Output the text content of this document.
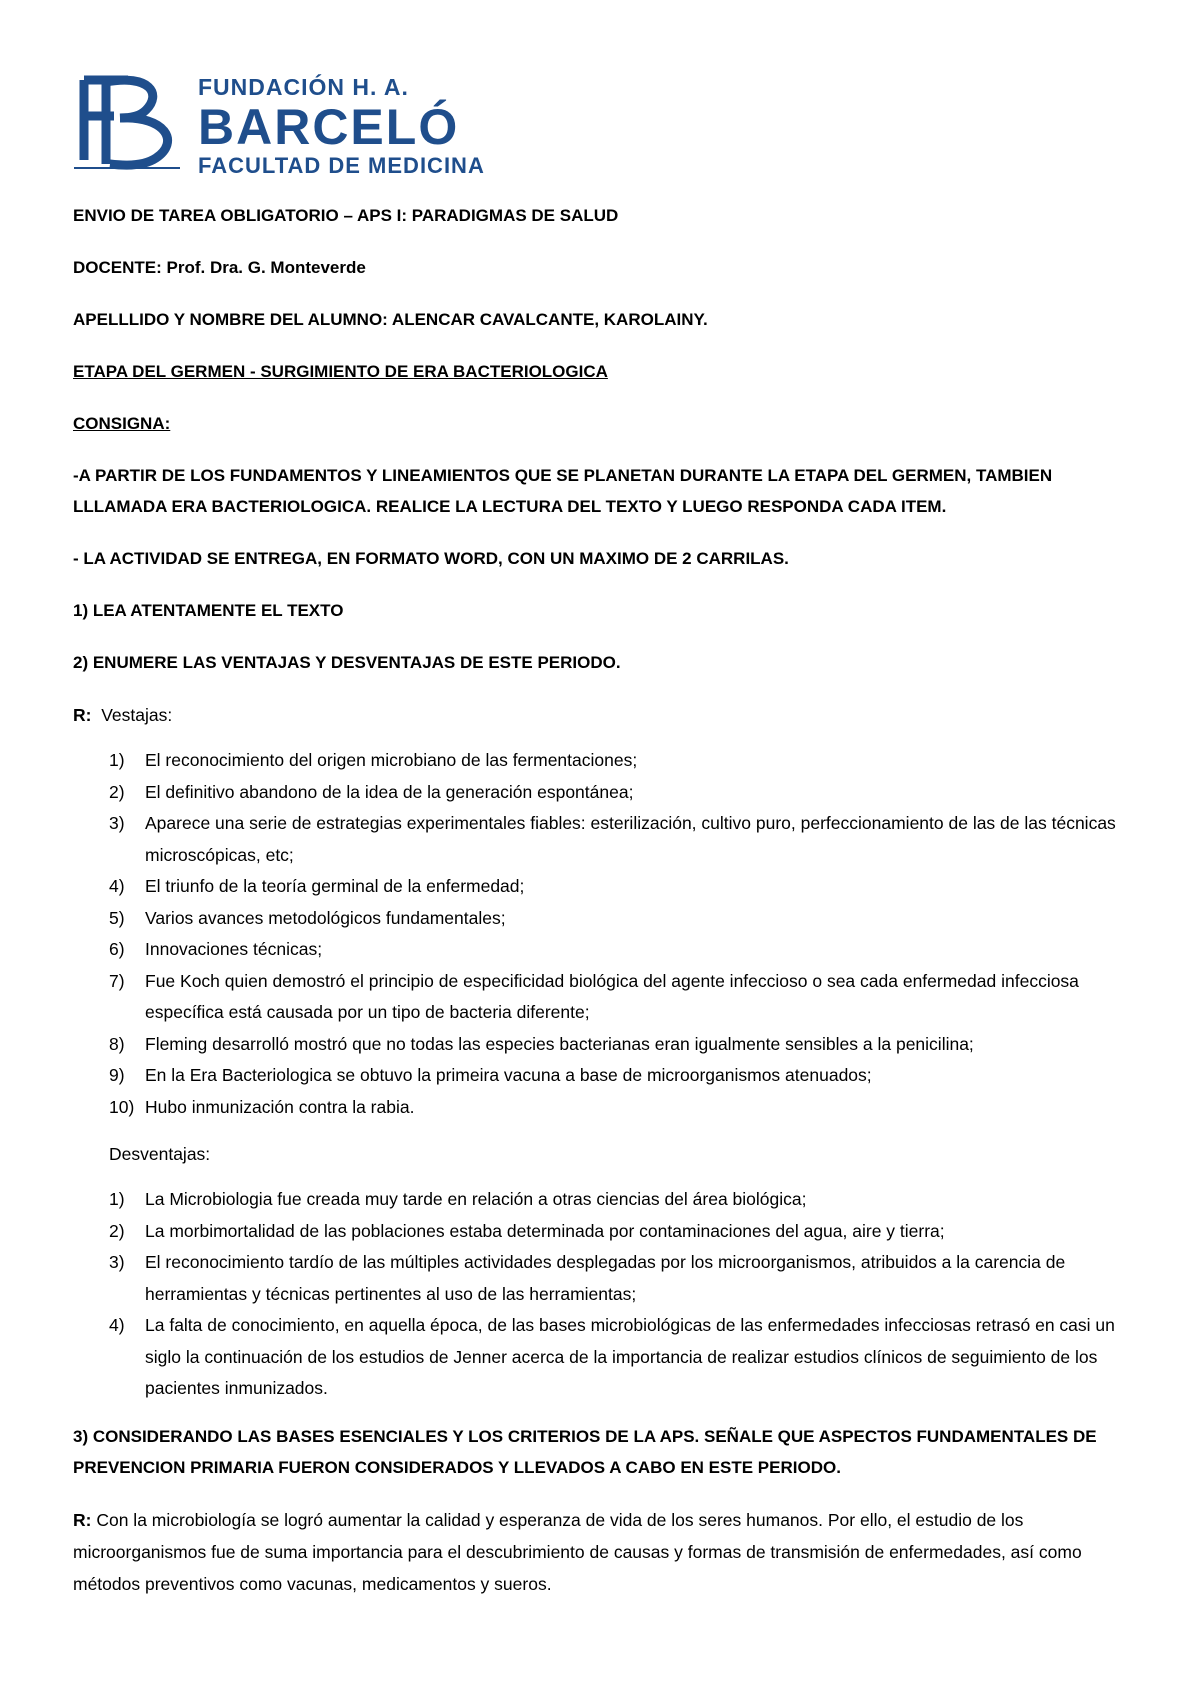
FUNDACIÓN H. A.
BARCELÓ
FACULTAD DE MEDICINA

ENVIO DE TAREA OBLIGATORIO – APS I: PARADIGMAS DE SALUD

DOCENTE: Prof. Dra. G. Monteverde

APELLLIDO Y NOMBRE DEL ALUMNO: ALENCAR CAVALCANTE, KAROLAINY.

ETAPA DEL GERMEN - SURGIMIENTO DE ERA BACTERIOLOGICA

CONSIGNA:

-A PARTIR DE LOS FUNDAMENTOS Y LINEAMIENTOS QUE SE PLANETAN DURANTE LA ETAPA DEL GERMEN, TAMBIEN LLLAMADA ERA BACTERIOLOGICA. REALICE LA LECTURA DEL TEXTO Y LUEGO RESPONDA CADA ITEM.

- LA ACTIVIDAD SE ENTREGA, EN FORMATO WORD, CON UN MAXIMO DE 2 CARRILAS.

1) LEA ATENTAMENTE EL TEXTO

2) ENUMERE LAS VENTAJAS Y DESVENTAJAS DE ESTE PERIODO.

R: Vestajas:

1) El reconocimiento del origen microbiano de las fermentaciones;
2) El definitivo abandono de la idea de la generación espontánea;
3) Aparece una serie de estrategias experimentales fiables: esterilización, cultivo puro, perfeccionamiento de las de las técnicas microscópicas, etc;
4) El triunfo de la teoría germinal de la enfermedad;
5) Varios avances metodológicos fundamentales;
6) Innovaciones técnicas;
7) Fue Koch quien demostró el principio de especificidad biológica del agente infeccioso o sea cada enfermedad infecciosa específica está causada por un tipo de bacteria diferente;
8) Fleming desarrolló mostró que no todas las especies bacterianas eran igualmente sensibles a la penicilina;
9) En la Era Bacteriologica se obtuvo la primeira vacuna a base de microorganismos atenuados;
10) Hubo inmunización contra la rabia.

Desventajas:

1) La Microbiologia fue creada muy tarde en relación a otras ciencias del área biológica;
2) La morbimortalidad de las poblaciones estaba determinada por contaminaciones del agua, aire y tierra;
3) El reconocimiento tardío de las múltiples actividades desplegadas por los microorganismos, atribuidos a la carencia de herramientas y técnicas pertinentes al uso de las herramientas;
4) La falta de conocimiento, en aquella época, de las bases microbiológicas de las enfermedades infecciosas retrasó en casi un siglo la continuación de los estudios de Jenner acerca de la importancia de realizar estudios clínicos de seguimiento de los pacientes inmunizados.

3) CONSIDERANDO LAS BASES ESENCIALES Y LOS CRITERIOS DE LA APS. SEÑALE QUE ASPECTOS FUNDAMENTALES DE PREVENCION PRIMARIA FUERON CONSIDERADOS Y LLEVADOS A CABO EN ESTE PERIODO.

R: Con la microbiología se logró aumentar la calidad y esperanza de vida de los seres humanos. Por ello, el estudio de los microorganismos fue de suma importancia para el descubrimiento de causas y formas de transmisión de enfermedades, así como métodos preventivos como vacunas, medicamentos y sueros.
